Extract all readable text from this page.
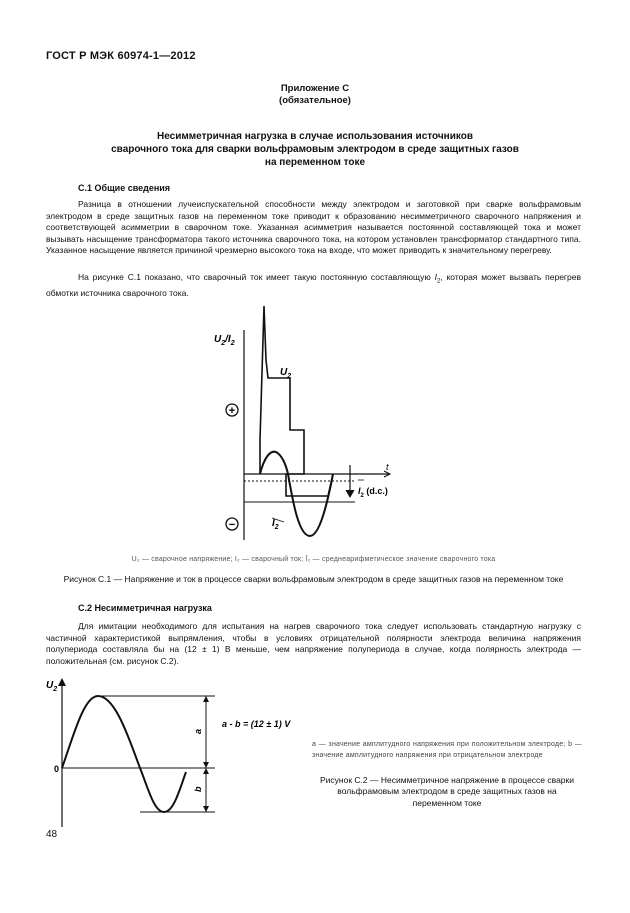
ГОСТ Р МЭК 60974-1—2012
Приложение С
(обязательное)
Несимметричная нагрузка в случае использования источников
сварочного тока для сварки вольфрамовым электродом в среде защитных газов
на переменном токе
С.1 Общие сведения
Разница в отношении лучеиспускательной способности между электродом и заготовкой при сварке вольфрамовым электродом в среде защитных газов на переменном токе приводит к образованию несимметричного сварочного напряжения и соответствующей асимметрии в сварочном токе. Указанная асимметрия называется постоянной составляющей тока и может вызывать насыщение трансформатора такого источника сварочного тока, на котором установлен трансформатор стандартного типа. Указанное насыщение является причиной чрезмерно высокого тока на входе, что может приводить к значительному перегреву.
На рисунке С.1 показано, что сварочный ток имеет такую постоянную составляющую $I_2$, которая может вызвать перегрев обмотки источника сварочного тока.
$U_2/I_2$
t
$U_2$
$I_2$
$I_2$ (d.c.)
+
−
U₂ — сварочное напряжение; I₂ — сварочный ток; Ī₂ — среднеарифметическое значение сварочного тока
Рисунок С.1 — Напряжение и ток в процессе сварки вольфрамовым электродом в среде защитных газов на переменном токе
С.2 Несимметричная нагрузка
Для имитации необходимого для испытания на нагрев сварочного тока следует использовать стандартную нагрузку с частичной характеристикой выпрямления, чтобы в условиях отрицательной полярности электрода величина напряжения полупериода составляла бы на (12 ± 1) В меньше, чем напряжение полупериода в случае, когда полярность электрода — положительная (см. рисунок С.2).
$U_2$
0
a
b
a - b = (12 ± 1) V
a — значение амплитудного напряжения при положительном электроде; b — значение амплитудного напряжения при отрицательном электроде
Рисунок С.2 — Несимметричное напряжение в процессе сварки вольфрамовым электродом в среде защитных газов на переменном токе
48
